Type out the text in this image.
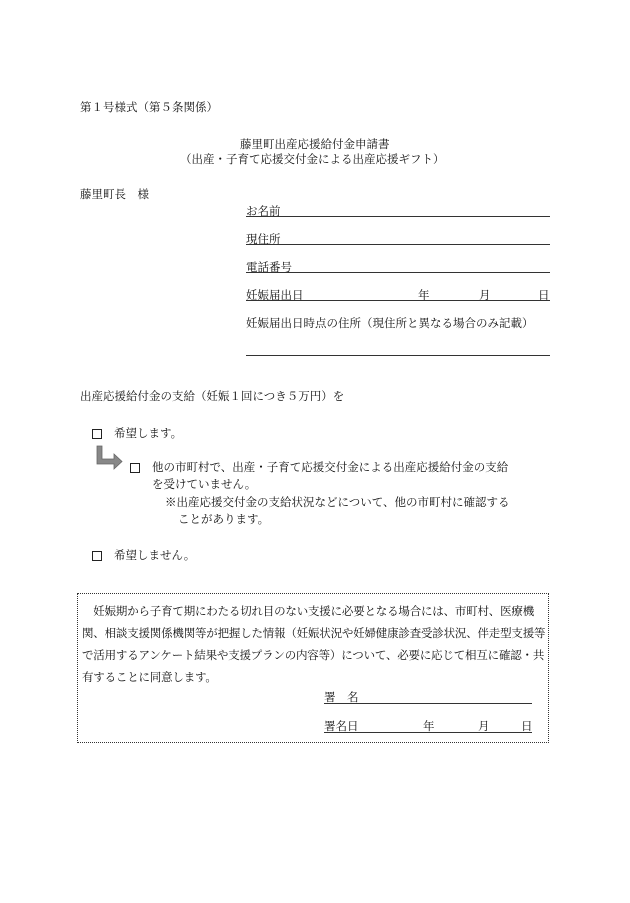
第１号様式（第５条関係）
藤里町出産応援給付金申請書
（出産・子育て応援交付金による出産応援ギフト）
藤里町長　様
お名前
現住所
電話番号
妊娠届出日	年	月	日
妊娠届出日時点の住所（現住所と異なる場合のみ記載）
出産応援給付金の支給（妊娠１回につき５万円）を
希望します。
他の市町村で、出産・子育て応援交付金による出産応援給付金の支給
を受けていません。
※出産応援交付金の支給状況などについて、他の市町村に確認する
ことがあります。
希望しません。
　妊娠期から子育て期にわたる切れ目のない支援に必要となる場合には、市町村、医療機関、相談支援関係機関等が把握した情報（妊娠状況や妊婦健康診査受診状況、伴走型支援等で活用するアンケート結果や支援プランの内容等）について、必要に応じて相互に確認・共有することに同意します。
署　名
署名日	年	月	日
